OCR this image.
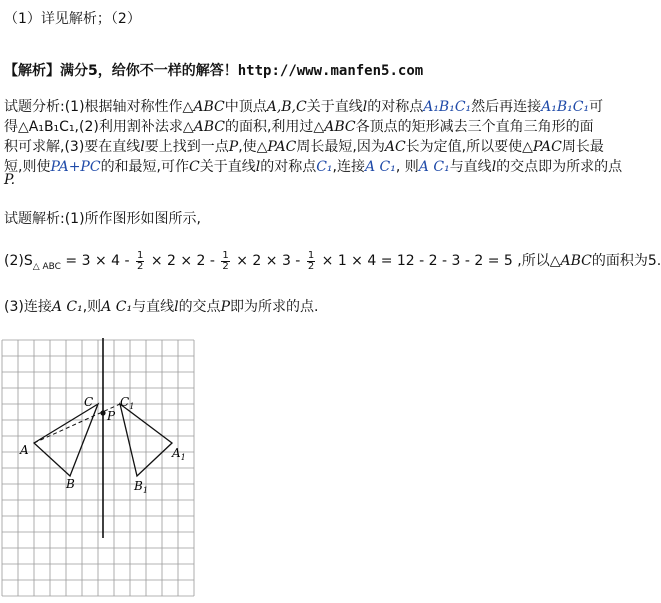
（1）详见解析；（2）
【解析】满分5，给你不一样的解答！http://www.manfen5.com
试题分析:(1)根据轴对称性作△ABC中顶点A,B,C关于直线l的对称点A₁B₁C₁然后再连接A₁B₁C₁可
得△A₁B₁C₁,(2)利用割补法求△ABC的面积,利用过△ABC各顶点的矩形减去三个直角三角形的面
积可求解,(3)要在直线l要上找到一点P,使△PAC周长最短,因为AC长为定值,所以要使△PAC周长最
短,则使PA+PC的和最短,可作C关于直线l的对称点C₁,连接A C₁, 则A C₁与直线l的交点即为所求的点
P.
试题解析:(1)所作图形如图所示,
$(2)S_{\triangle ABC} = 3 \times 4 - \frac{1}{2} \times 2 \times 2 - \frac{1}{2} \times 2 \times 3 - \frac{1}{2} \times 1 \times 4 = 12 - 2 - 3 - 2 = 5$ ,所以△ABC的面积为5.
(3)连接A C₁,则A C₁与直线l的交点P即为所求的点.
A
B
C
P
$C_1$
$A_1$
$B_1$
